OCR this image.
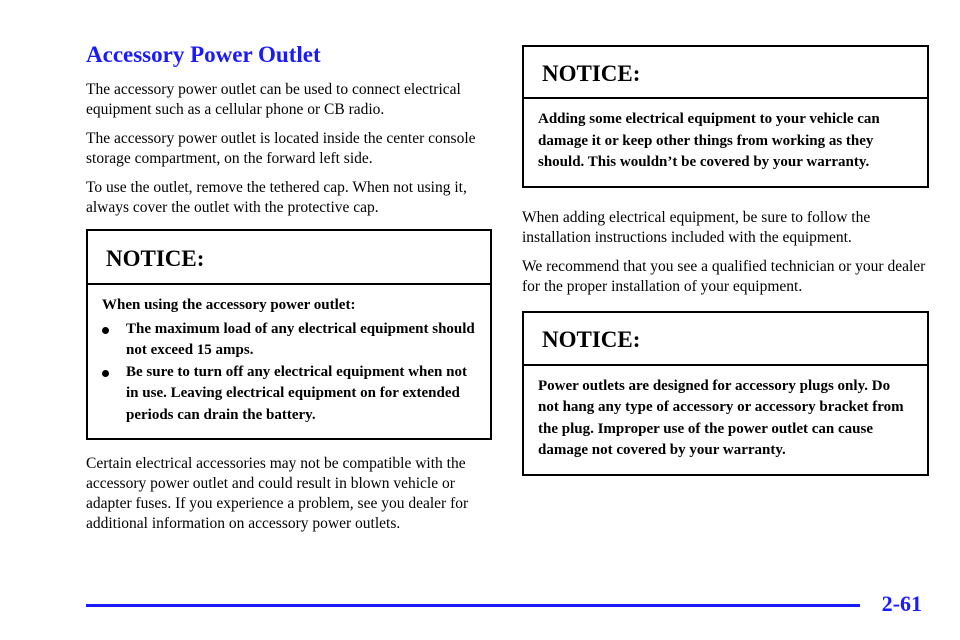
Accessory Power Outlet

The accessory power outlet can be used to connect electrical equipment such as a cellular phone or CB radio.

The accessory power outlet is located inside the center console storage compartment, on the forward left side.

To use the outlet, remove the tethered cap. When not using it, always cover the outlet with the protective cap.

NOTICE:

When using the accessory power outlet:

The maximum load of any electrical equipment should not exceed 15 amps.
Be sure to turn off any electrical equipment when not in use. Leaving electrical equipment on for extended periods can drain the battery.

Certain electrical accessories may not be compatible with the accessory power outlet and could result in blown vehicle or adapter fuses. If you experience a problem, see you dealer for additional information on accessory power outlets.

NOTICE:

Adding some electrical equipment to your vehicle can damage it or keep other things from working as they should. This wouldn’t be covered by your warranty.

When adding electrical equipment, be sure to follow the installation instructions included with the equipment.

We recommend that you see a qualified technician or your dealer for the proper installation of your equipment.

NOTICE:

Power outlets are designed for accessory plugs only. Do not hang any type of accessory or accessory bracket from the plug. Improper use of the power outlet can cause damage not covered by your warranty.

2-61
